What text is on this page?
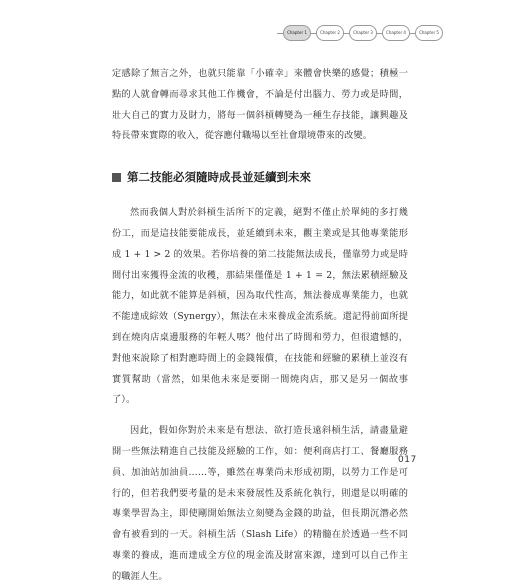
Chapter 1	Chapter 2	Chapter 3	Chapter 4	Chapter 5

定感除了無言之外，也就只能靠「小確幸」來體會快樂的感覺；積極一點的人就會轉而尋求其他工作機會，不論是付出腦力、勞力或是時間，壯大自己的實力及財力，將每一個斜槓轉變為一種生存技能，讓興趣及特長帶來實際的收入，從容應付職場以至社會環境帶來的改變。

第二技能必須隨時成長並延續到未來

然而我個人對於斜槓生活所下的定義，絕對不僅止於單純的多打幾份工，而是這技能要能成長，並延續到未來，觀主業或是其他專業能形成 1 + 1 > 2 的效果。若你培養的第二技能無法成長，僅靠勞力或是時間付出來獲得金流的收穫，那結果僅僅是 1 + 1 = 2，無法累積經驗及能力，如此就不能算是斜槓，因為取代性高，無法養成專業能力，也就不能達成綜效（Synergy），無法在未來養成金流系統。還記得前面所提到在燒肉店桌邊服務的年輕人嗎？他付出了時間和勞力，但很遺憾的，對他來說除了相對應時間上的金錢報償，在技能和經驗的累積上並沒有實質幫助（當然，如果他未來是要開一間燒肉店，那又是另一個故事了）。

因此，假如你對於未來是有想法、欲打造長遠斜槓生活，請盡量避開一些無法精進自己技能及經驗的工作，如：便利商店打工、餐廳服務員、加油站加油員……等，雖然在專業尚未形成初期，以勞力工作是可行的，但若我們要考量的是未來發展性及系統化執行，則還是以明確的專業學習為主，即使剛開始無法立刻變為金錢的助益，但長期沉潛必然會有被看到的一天。斜槓生活（Slash Life）的精髓在於透過一些不同專業的養成，進而達成全方位的現金流及財富來源，達到可以自己作主的職涯人生。

017
